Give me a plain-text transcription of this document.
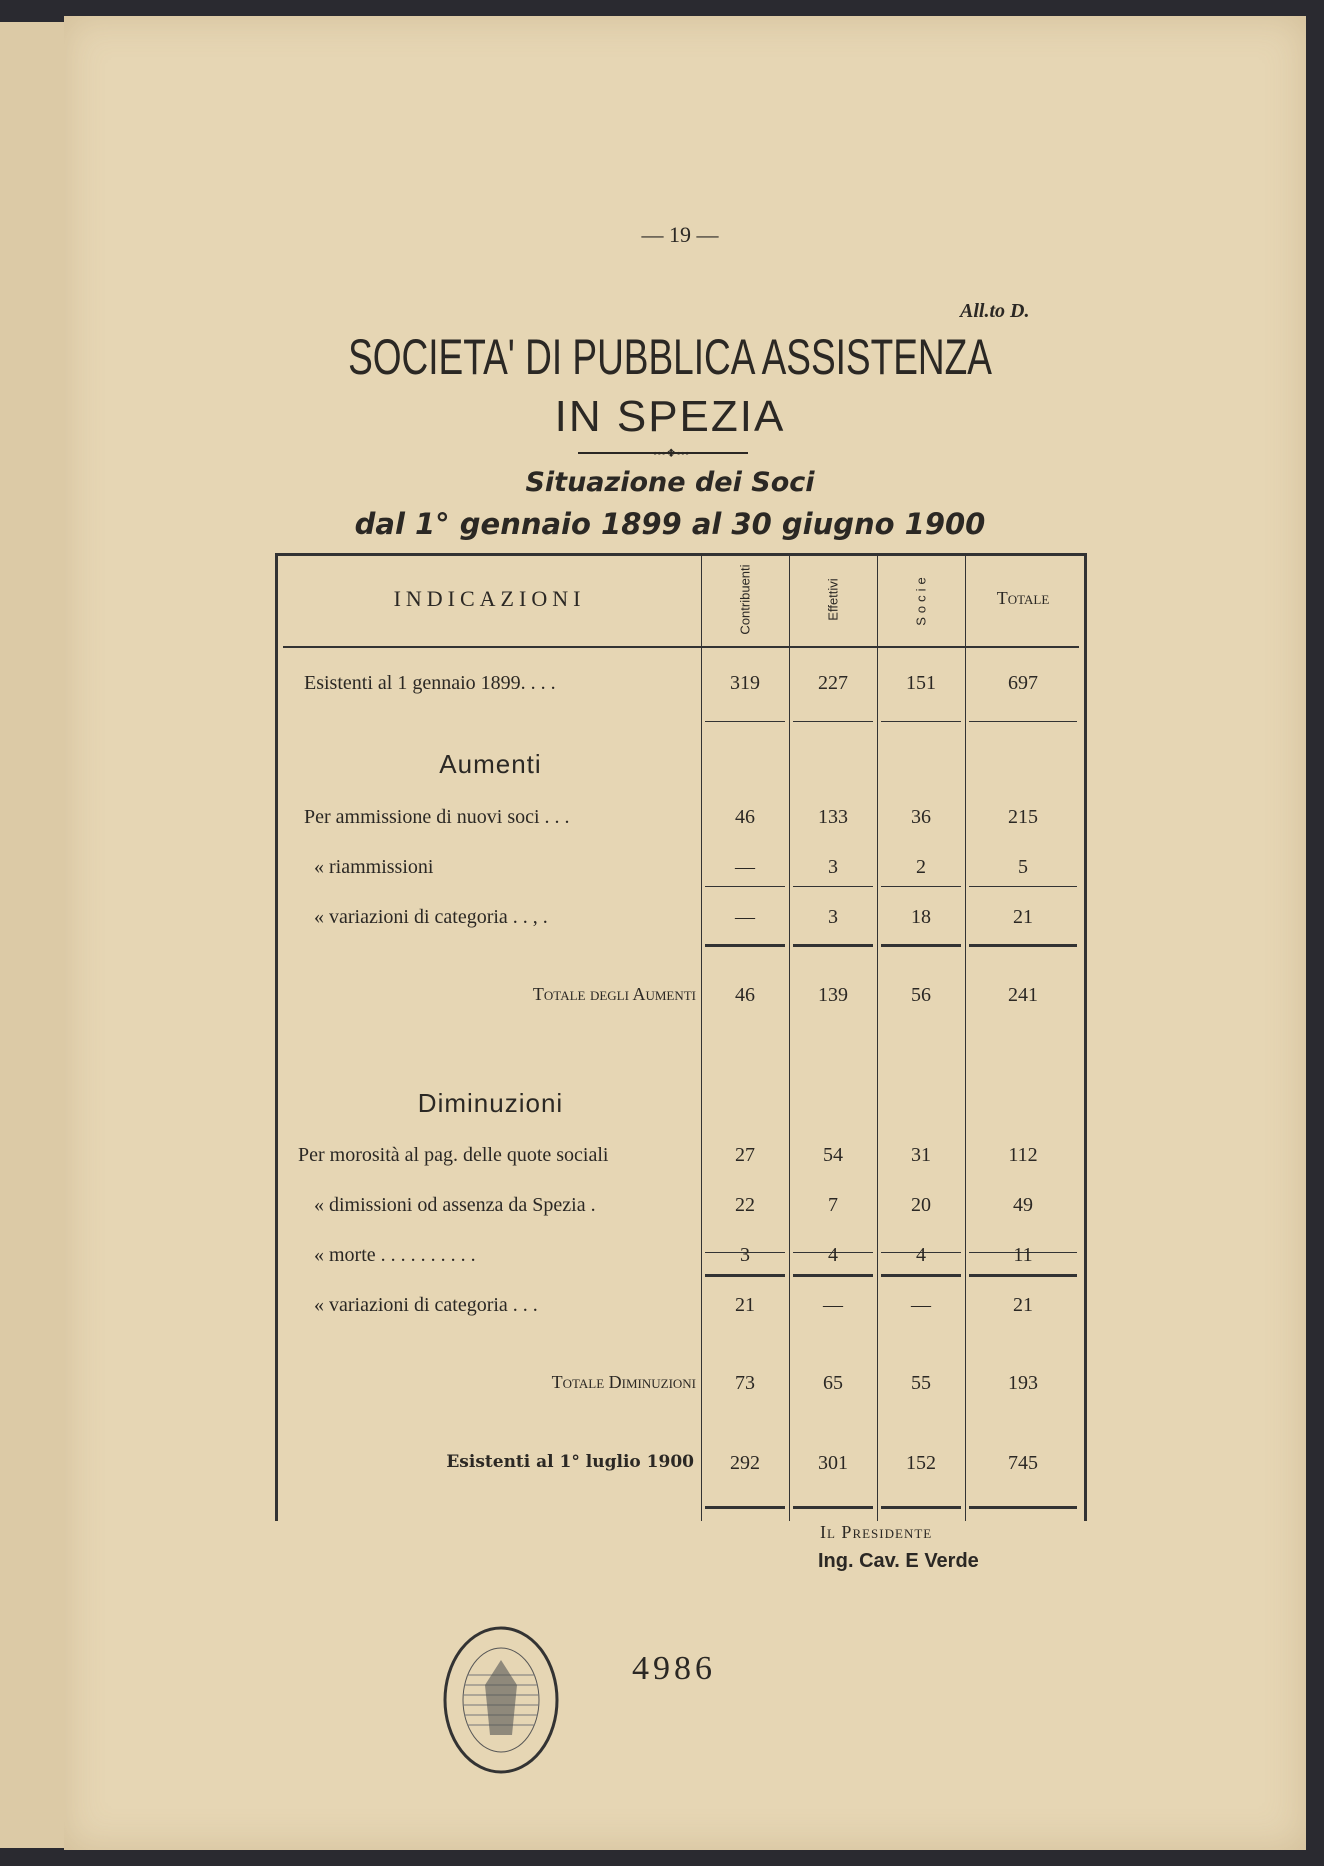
— 19 —
All.to D.
SOCIETA' DI PUBBLICA ASSISTENZA
IN SPEZIA
◦◦◦❖◦◦◦
Situazione dei Soci
dal 1° gennaio 1899 al 30 giugno 1900
INDICAZIONI	Contribuenti	Effettivi	Socie	Totale
Aumenti
Diminuzioni
Esistenti al 1 gennaio 1899. . . .	319	227	151	697
Per ammissione di nuovi soci . . .	46	133	36	215
« riammissioni	—	3	2	5
« variazioni di categoria . . , .	—	3	18	21
Totale degli Aumenti	46	139	56	241
Per morosità al pag. delle quote sociali	27	54	31	112
« dimissioni od assenza da Spezia .	22	7	20	49
« morte . . . . . . . . . .	3	4	4	11
« variazioni di categoria . . .	21	—	—	21
Totale Diminuzioni	73	65	55	193
Esistenti al 1° luglio 1900	292	301	152	745
Il Presidente
Ing. Cav. E Verde
4986
